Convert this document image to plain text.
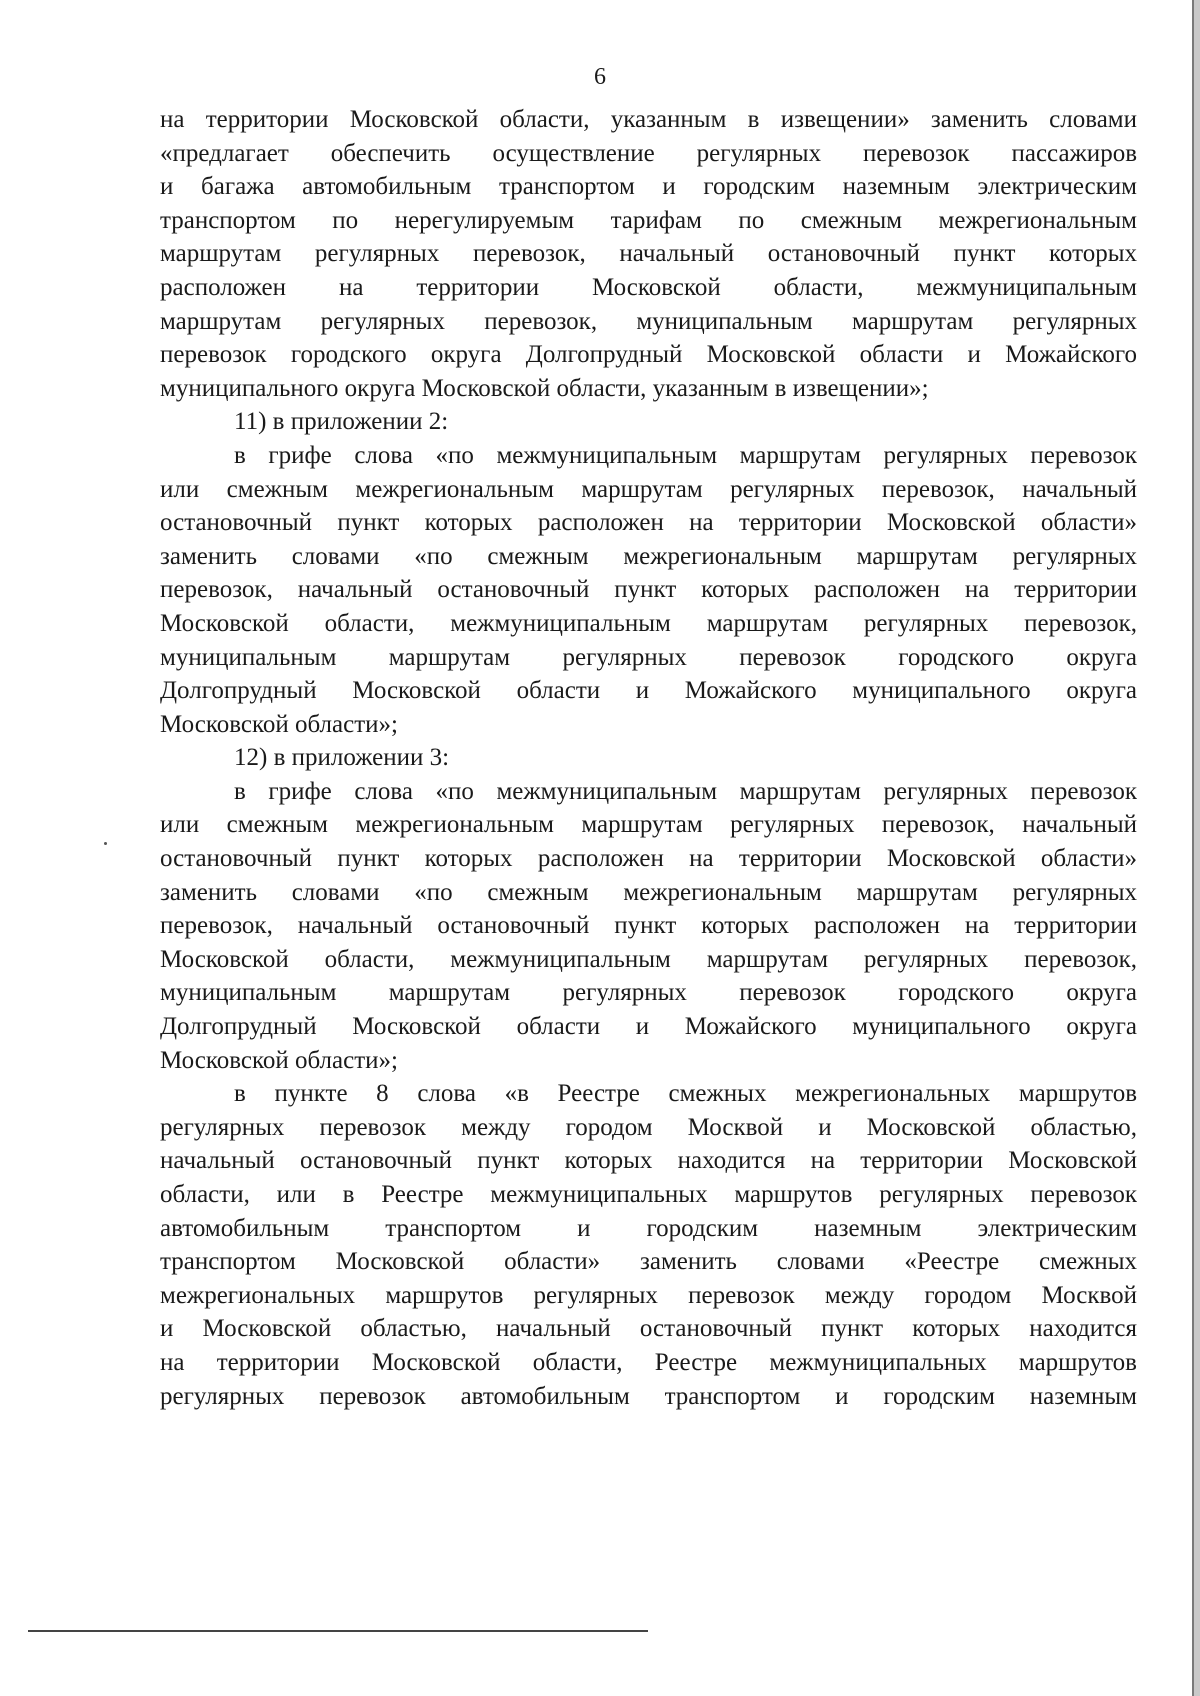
6
на территории Московской области, указанным в извещении» заменить словами
«предлагает обеспечить осуществление регулярных перевозок пассажиров
и багажа автомобильным транспортом и городским наземным электрическим
транспортом по нерегулируемым тарифам по смежным межрегиональным
маршрутам регулярных перевозок, начальный остановочный пункт которых
расположен на территории Московской области, межмуниципальным
маршрутам регулярных перевозок, муниципальным маршрутам регулярных
перевозок городского округа Долгопрудный Московской области и Можайского
муниципального округа Московской области, указанным в извещении»;
11) в приложении 2:
в грифе слова «по межмуниципальным маршрутам регулярных перевозок
или смежным межрегиональным маршрутам регулярных перевозок, начальный
остановочный пункт которых расположен на территории Московской области»
заменить словами «по смежным межрегиональным маршрутам регулярных
перевозок, начальный остановочный пункт которых расположен на территории
Московской области, межмуниципальным маршрутам регулярных перевозок,
муниципальным маршрутам регулярных перевозок городского округа
Долгопрудный Московской области и Можайского муниципального округа
Московской области»;
12) в приложении 3:
в грифе слова «по межмуниципальным маршрутам регулярных перевозок
или смежным межрегиональным маршрутам регулярных перевозок, начальный
остановочный пункт которых расположен на территории Московской области»
заменить словами «по смежным межрегиональным маршрутам регулярных
перевозок, начальный остановочный пункт которых расположен на территории
Московской области, межмуниципальным маршрутам регулярных перевозок,
муниципальным маршрутам регулярных перевозок городского округа
Долгопрудный Московской области и Можайского муниципального округа
Московской области»;
в пункте 8 слова «в Реестре смежных межрегиональных маршрутов
регулярных перевозок между городом Москвой и Московской областью,
начальный остановочный пункт которых находится на территории Московской
области, или в Реестре межмуниципальных маршрутов регулярных перевозок
автомобильным транспортом и городским наземным электрическим
транспортом Московской области» заменить словами «Реестре смежных
межрегиональных маршрутов регулярных перевозок между городом Москвой
и Московской областью, начальный остановочный пункт которых находится
на территории Московской области, Реестре межмуниципальных маршрутов
регулярных перевозок автомобильным транспортом и городским наземным
